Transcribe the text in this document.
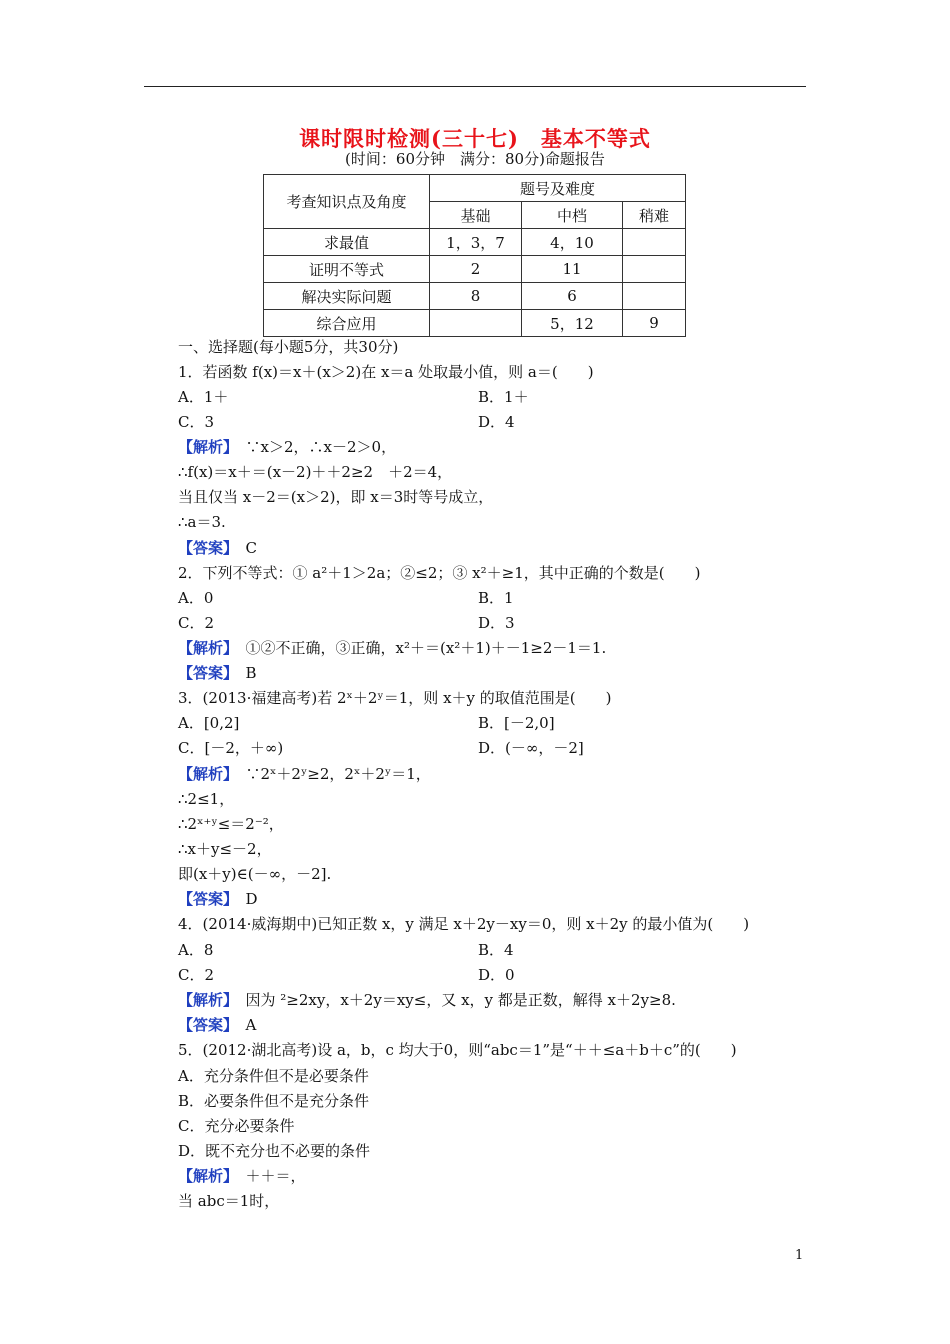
课时限时检测(三十七)　基本不等式
(时间：60分钟　满分：80分)命题报告
考查知识点及角度	题号及难度		
	基础	中档	稍难
求最值	1，3，7	4，10	
证明不等式	2	11	
解决实际问题	8	6	
综合应用		5，12	9
一、选择题(每小题5分，共30分)
1．若函数 f(x)＝x＋(x＞2)在 x＝a 处取最小值，则 a＝(　　)
A．1＋	B．1＋
C．3	D．4
【解析】　∵x＞2，∴x－2＞0，
∴f(x)＝x＋＝(x－2)＋＋2≥2　＋2＝4，
当且仅当 x－2＝(x＞2)，即 x＝3时等号成立，
∴a＝3.
【答案】　C
2．下列不等式：① a²＋1＞2a；②≤2；③ x²＋≥1，其中正确的个数是(　　)
A．0	B．1
C．2	D．3
【解析】　①②不正确，③正确，x²＋＝(x²＋1)＋－1≥2－1＝1.
【答案】　B
3．(2013·福建高考)若 2ˣ＋2ʸ＝1，则 x＋y 的取值范围是(　　)
A．[0,2]	B．[－2,0]
C．[－2，＋∞)	D．(－∞，－2]
【解析】　∵2ˣ＋2ʸ≥2，2ˣ＋2ʸ＝1，
∴2≤1，
∴2ˣ⁺ʸ≤＝2⁻²，
∴x＋y≤－2，
即(x＋y)∈(－∞，－2].
【答案】　D
4．(2014·威海期中)已知正数 x，y 满足 x＋2y－xy＝0，则 x＋2y 的最小值为(　　)
A．8	B．4
C．2	D．0
【解析】　因为 ²≥2xy，x＋2y＝xy≤，又 x，y 都是正数，解得 x＋2y≥8.
【答案】　A
5．(2012·湖北高考)设 a，b，c 均大于0，则“abc＝1”是“＋＋≤a＋b＋c”的(　　)
A．充分条件但不是必要条件
B．必要条件但不是充分条件
C．充分必要条件
D．既不充分也不必要的条件
【解析】　＋＋＝，
当 abc＝1时，
1
